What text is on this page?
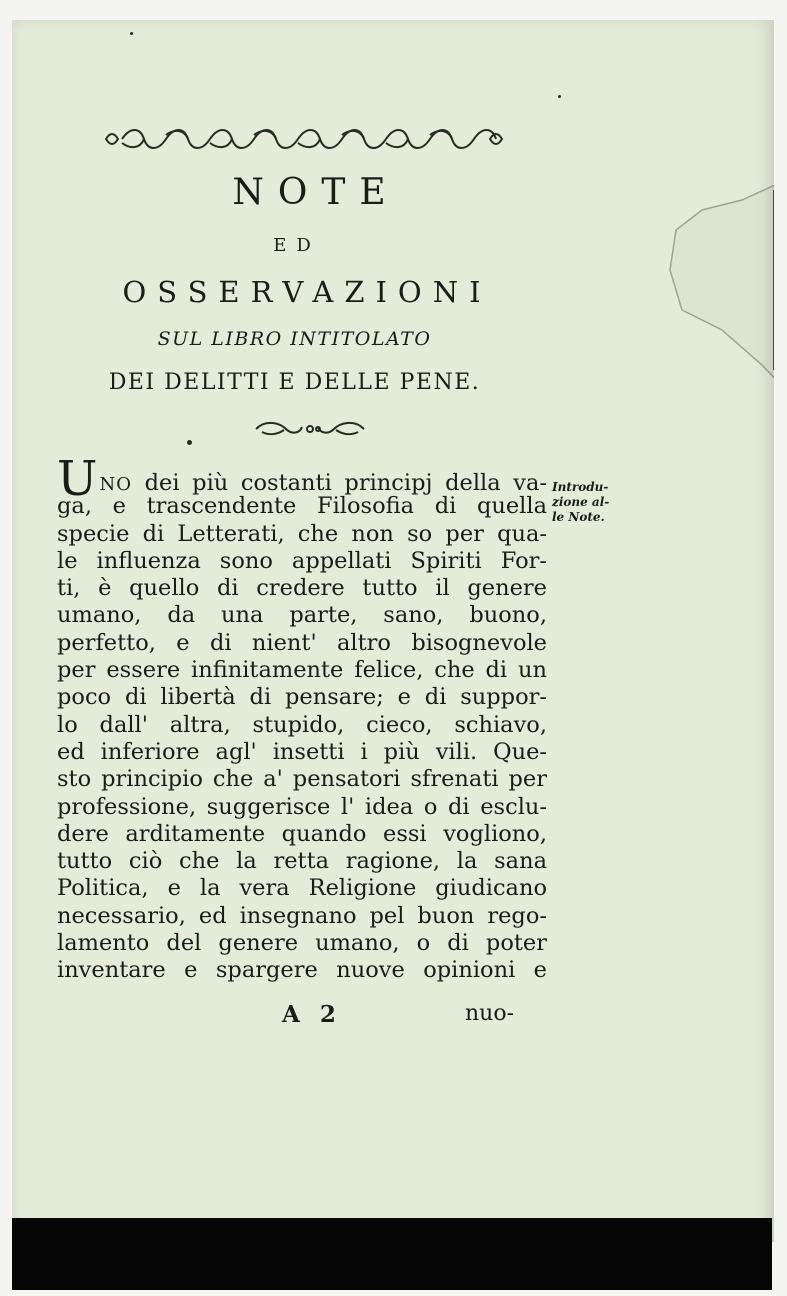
NOTE
ED
OSSERVAZIONI
SUL LIBRO INTITOLATO
DEI DELITTI E DELLE PENE.
UNO dei più costanti principj della va-
ga, e trascendente Filosofia di quella
specie di Letterati, che non so per qua-
le influenza sono appellati Spiriti For-
ti, è quello di credere tutto il genere
umano, da una parte, sano, buono,
perfetto, e di nient' altro bisognevole
per essere infinitamente felice, che di un
poco di libertà di pensare; e di suppor-
lo dall' altra, stupido, cieco, schiavo,
ed inferiore agl' insetti i più vili. Que-
sto principio che a' pensatori sfrenati per
professione, suggerisce l' idea o di esclu-
dere arditamente quando essi vogliono,
tutto ciò che la retta ragione, la sana
Politica, e la vera Religione giudicano
necessario, ed insegnano pel buon rego-
lamento del genere umano, o di poter
inventare e spargere nuove opinioni e
Introdu-
zione al-
le Note.
A 2	nuo-
